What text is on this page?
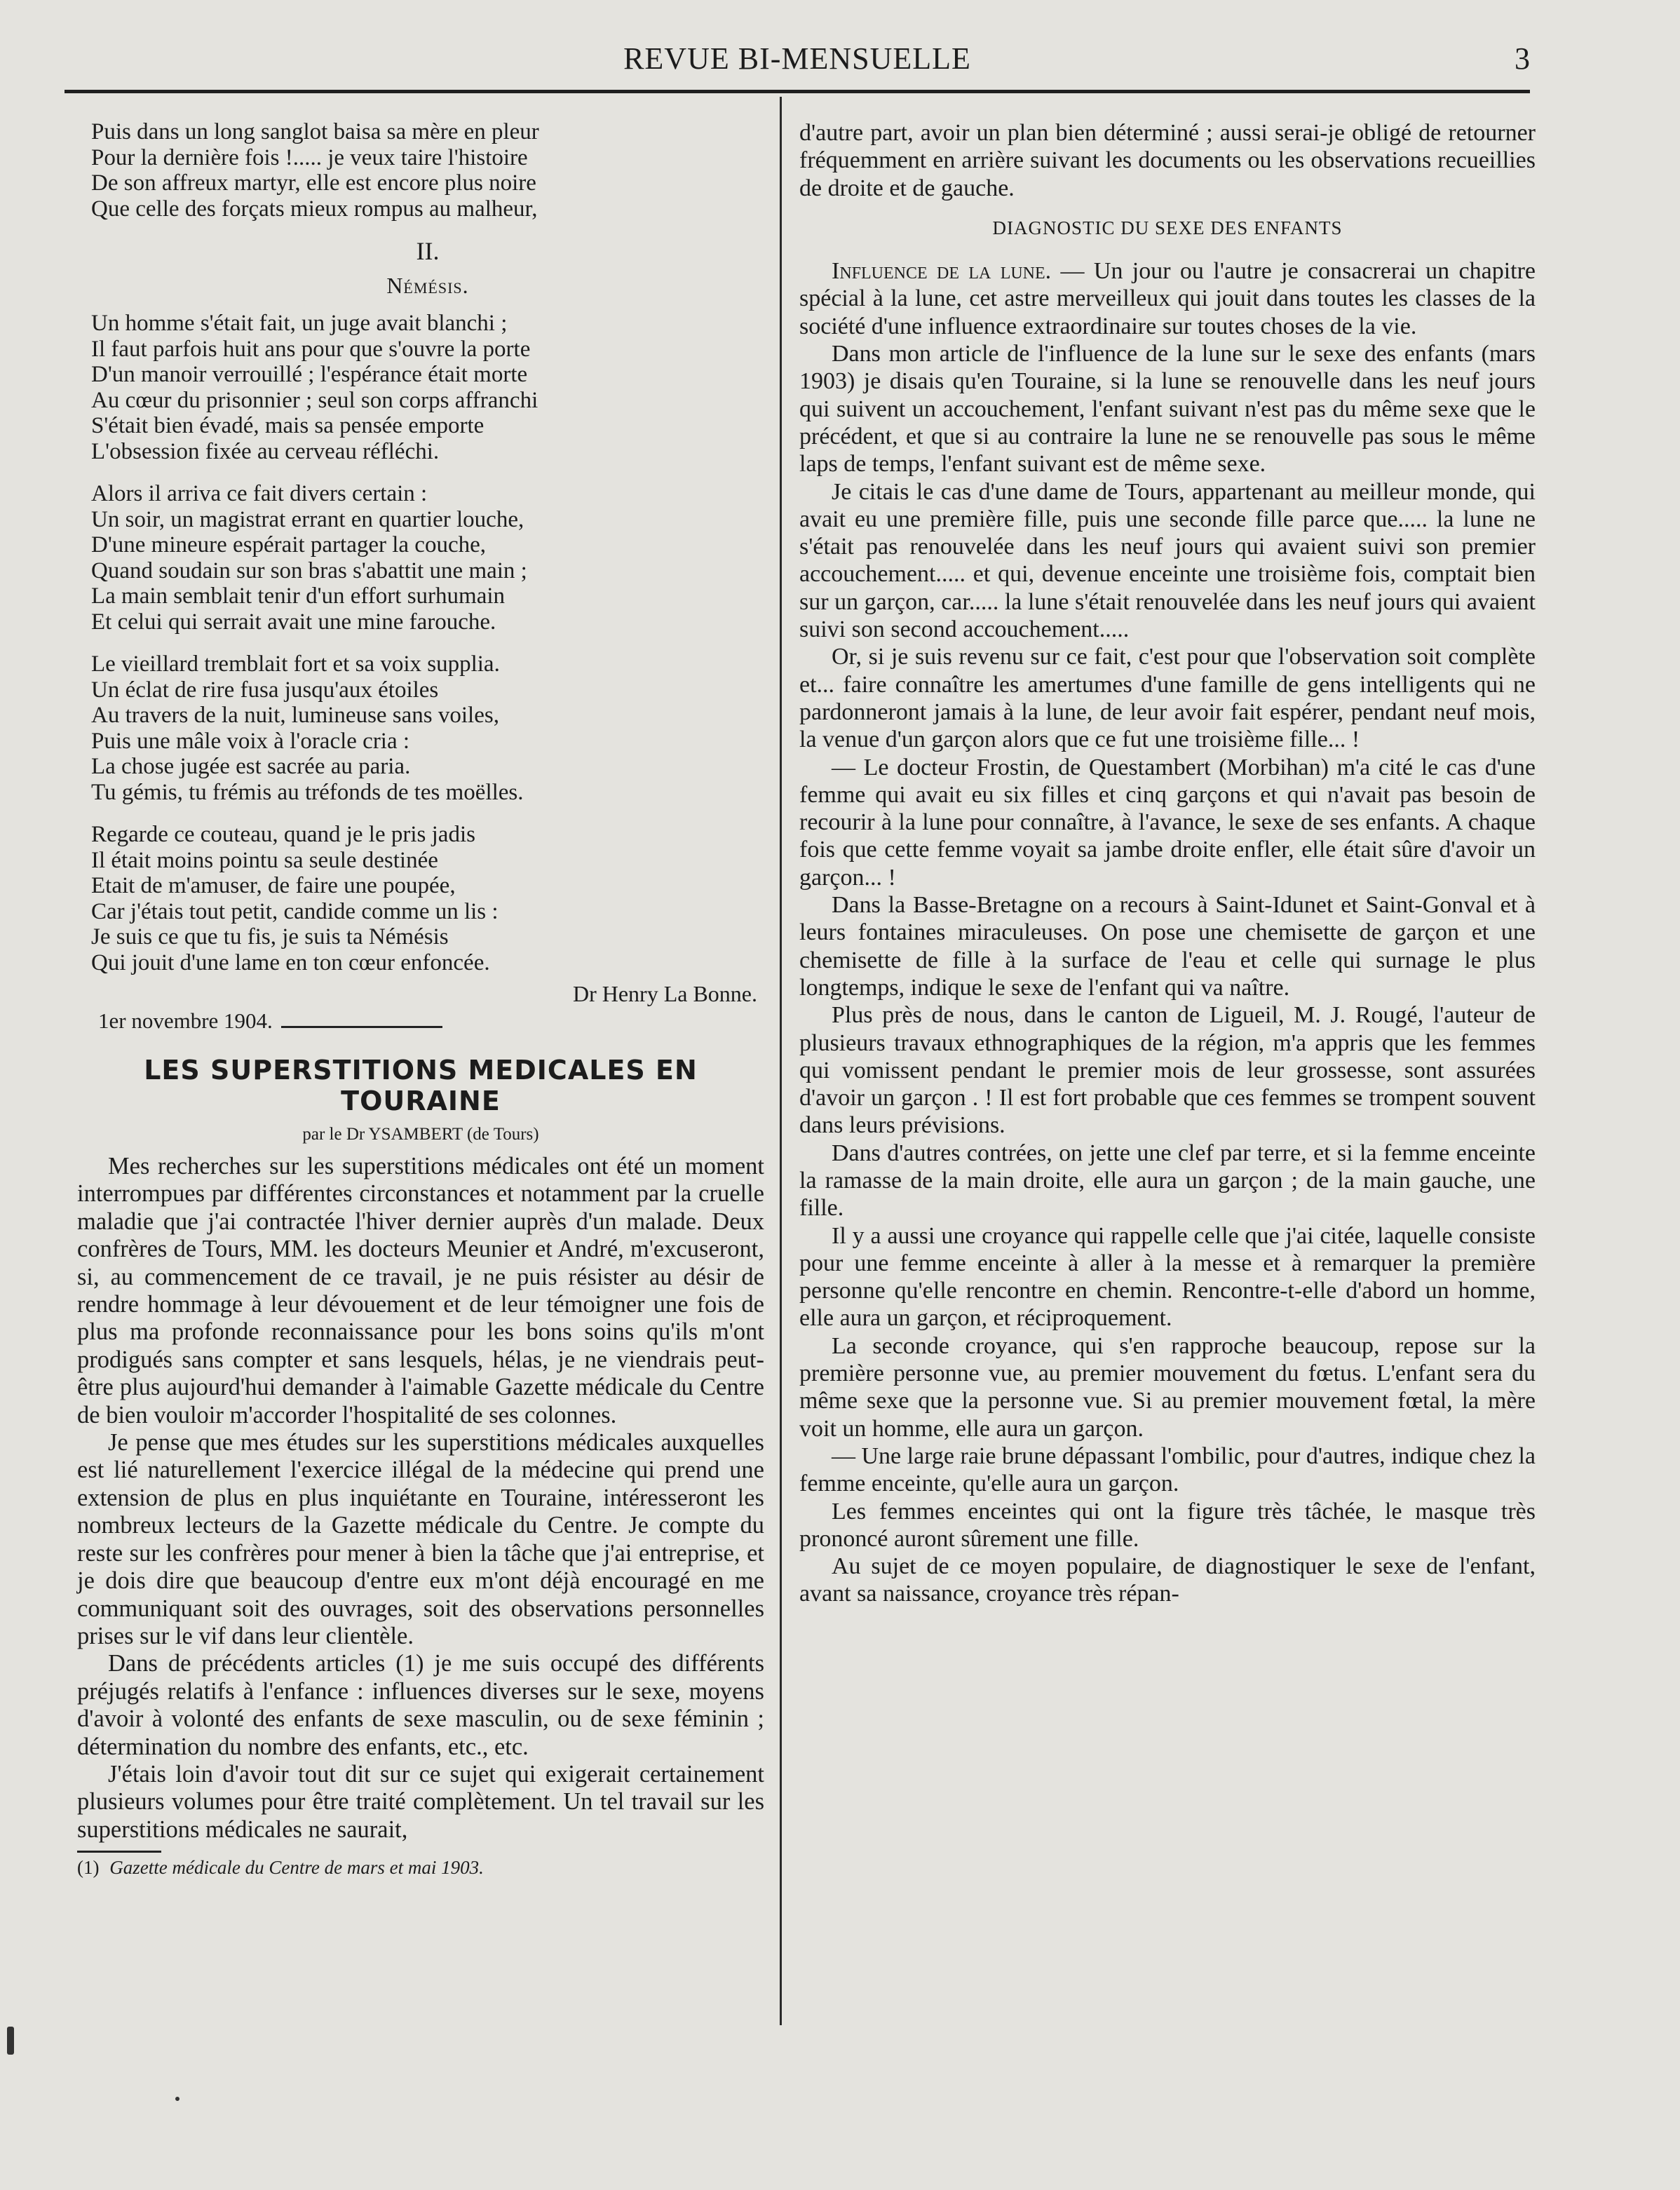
REVUE BI-MENSUELLE	3
Puis dans un long sanglot baisa sa mère en pleur
Pour la dernière fois !..... je veux taire l'histoire
De son affreux martyr, elle est encore plus noire
Que celle des forçats mieux rompus au malheur,
II.
Némésis.
Un homme s'était fait, un juge avait blanchi ;
Il faut parfois huit ans pour que s'ouvre la porte
D'un manoir verrouillé ; l'espérance était morte
Au cœur du prisonnier ; seul son corps affranchi
S'était bien évadé, mais sa pensée emporte
L'obsession fixée au cerveau réfléchi.
Alors il arriva ce fait divers certain :
Un soir, un magistrat errant en quartier louche,
D'une mineure espérait partager la couche,
Quand soudain sur son bras s'abattit une main ;
La main semblait tenir d'un effort surhumain
Et celui qui serrait avait une mine farouche.
Le vieillard tremblait fort et sa voix supplia.
Un éclat de rire fusa jusqu'aux étoiles
Au travers de la nuit, lumineuse sans voiles,
Puis une mâle voix à l'oracle cria :
La chose jugée est sacrée au paria.
Tu gémis, tu frémis au tréfonds de tes moëlles.
Regarde ce couteau, quand je le pris jadis
Il était moins pointu sa seule destinée
Etait de m'amuser, de faire une poupée,
Car j'étais tout petit, candide comme un lis :
Je suis ce que tu fis, je suis ta Némésis
Qui jouit d'une lame en ton cœur enfoncée.
Dr Henry La Bonne.
1er novembre 1904.
LES SUPERSTITIONS MEDICALES EN TOURAINE
par le Dr YSAMBERT (de Tours)

Mes recherches sur les superstitions médicales ont été un moment interrompues par différentes circonstances et notamment par la cruelle maladie que j'ai contractée l'hiver dernier auprès d'un malade. Deux confrères de Tours, MM. les docteurs Meunier et André, m'excuseront, si, au commencement de ce travail, je ne puis résister au désir de rendre hommage à leur dévouement et de leur témoigner une fois de plus ma profonde reconnaissance pour les bons soins qu'ils m'ont prodigués sans compter et sans lesquels, hélas, je ne viendrais peut-être plus aujourd'hui demander à l'aimable Gazette médicale du Centre de bien vouloir m'accorder l'hospitalité de ses colonnes.

Je pense que mes études sur les superstitions médicales auxquelles est lié naturellement l'exercice illégal de la médecine qui prend une extension de plus en plus inquiétante en Touraine, intéresseront les nombreux lecteurs de la Gazette médicale du Centre. Je compte du reste sur les confrères pour mener à bien la tâche que j'ai entreprise, et je dois dire que beaucoup d'entre eux m'ont déjà encouragé en me communiquant soit des ouvrages, soit des observations personnelles prises sur le vif dans leur clientèle.

Dans de précédents articles (1) je me suis occupé des différents préjugés relatifs à l'enfance : influences diverses sur le sexe, moyens d'avoir à volonté des enfants de sexe masculin, ou de sexe féminin ; détermination du nombre des enfants, etc., etc.

J'étais loin d'avoir tout dit sur ce sujet qui exigerait certainement plusieurs volumes pour être traité complètement. Un tel travail sur les superstitions médicales ne saurait,

(1) Gazette médicale du Centre de mars et mai 1903.

d'autre part, avoir un plan bien déterminé ; aussi serai-je obligé de retourner fréquemment en arrière suivant les documents ou les observations recueillies de droite et de gauche.

DIAGNOSTIC DU SEXE DES ENFANTS

Influence de la lune. — Un jour ou l'autre je consacrerai un chapitre spécial à la lune, cet astre merveilleux qui jouit dans toutes les classes de la société d'une influence extraordinaire sur toutes choses de la vie.

Dans mon article de l'influence de la lune sur le sexe des enfants (mars 1903) je disais qu'en Touraine, si la lune se renouvelle dans les neuf jours qui suivent un accouchement, l'enfant suivant n'est pas du même sexe que le précédent, et que si au contraire la lune ne se renouvelle pas sous le même laps de temps, l'enfant suivant est de même sexe.

Je citais le cas d'une dame de Tours, appartenant au meilleur monde, qui avait eu une première fille, puis une seconde fille parce que..... la lune ne s'était pas renouvelée dans les neuf jours qui avaient suivi son premier accouchement..... et qui, devenue enceinte une troisième fois, comptait bien sur un garçon, car..... la lune s'était renouvelée dans les neuf jours qui avaient suivi son second accouchement.....

Or, si je suis revenu sur ce fait, c'est pour que l'observation soit complète et... faire connaître les amertumes d'une famille de gens intelligents qui ne pardonneront jamais à la lune, de leur avoir fait espérer, pendant neuf mois, la venue d'un garçon alors que ce fut une troisième fille... !

— Le docteur Frostin, de Questambert (Morbihan) m'a cité le cas d'une femme qui avait eu six filles et cinq garçons et qui n'avait pas besoin de recourir à la lune pour connaître, à l'avance, le sexe de ses enfants. A chaque fois que cette femme voyait sa jambe droite enfler, elle était sûre d'avoir un garçon... !

Dans la Basse-Bretagne on a recours à Saint-Idunet et Saint-Gonval et à leurs fontaines miraculeuses. On pose une chemisette de garçon et une chemisette de fille à la surface de l'eau et celle qui surnage le plus longtemps, indique le sexe de l'enfant qui va naître.

Plus près de nous, dans le canton de Ligueil, M. J. Rougé, l'auteur de plusieurs travaux ethnographiques de la région, m'a appris que les femmes qui vomissent pendant le premier mois de leur grossesse, sont assurées d'avoir un garçon . ! Il est fort probable que ces femmes se trompent souvent dans leurs prévisions.

Dans d'autres contrées, on jette une clef par terre, et si la femme enceinte la ramasse de la main droite, elle aura un garçon ; de la main gauche, une fille.

Il y a aussi une croyance qui rappelle celle que j'ai citée, laquelle consiste pour une femme enceinte à aller à la messe et à remarquer la première personne qu'elle rencontre en chemin. Rencontre-t-elle d'abord un homme, elle aura un garçon, et réciproquement.

La seconde croyance, qui s'en rapproche beaucoup, repose sur la première personne vue, au premier mouvement du fœtus. L'enfant sera du même sexe que la personne vue. Si au premier mouvement fœtal, la mère voit un homme, elle aura un garçon.

— Une large raie brune dépassant l'ombilic, pour d'autres, indique chez la femme enceinte, qu'elle aura un garçon.

Les femmes enceintes qui ont la figure très tâchée, le masque très prononcé auront sûrement une fille.

Au sujet de ce moyen populaire, de diagnostiquer le sexe de l'enfant, avant sa naissance, croyance très répan-
